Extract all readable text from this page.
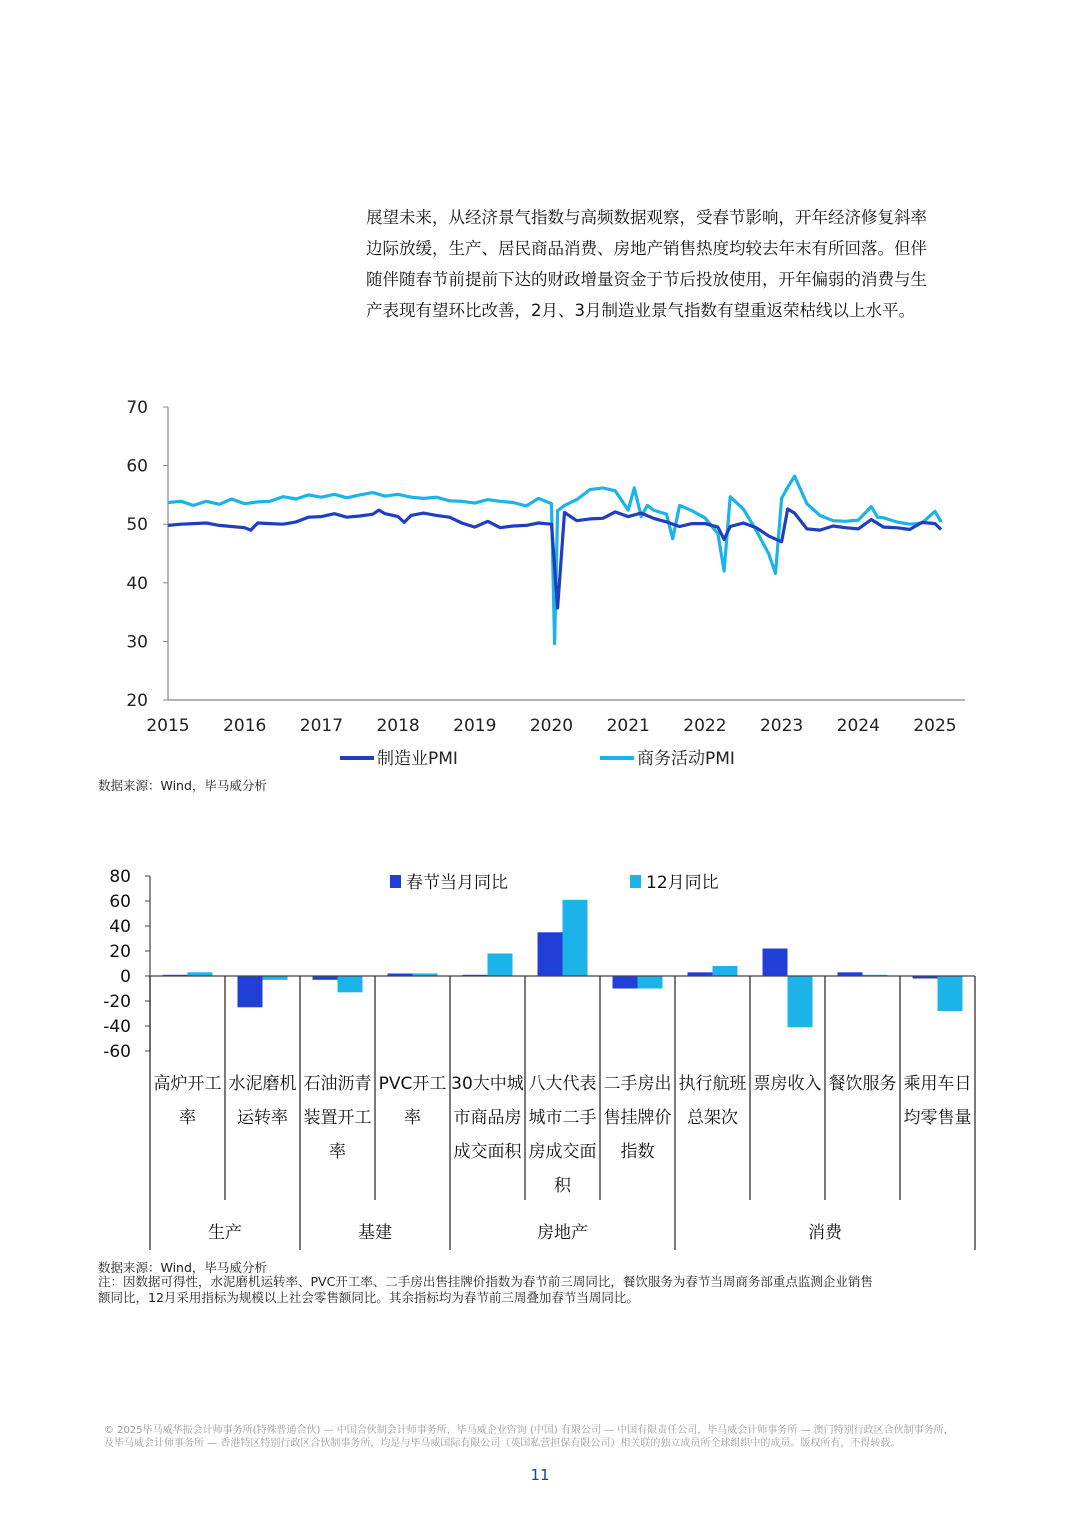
展望未来，从经济景气指数与高频数据观察，受春节影响，开年经济修复斜率
边际放缓，生产、居民商品消费、房地产销售热度均较去年末有所回落。但伴
随伴随春节前提前下达的财政增量资金于节后投放使用，开年偏弱的消费与生
产表现有望环比改善，2月、3月制造业景气指数有望重返荣枯线以上水平。
70
60
50
40
30
20
2015 2016 2017 2018 2019 2020 2021 2022 2023 2024 2025
制造业PMI	商务活动PMI
数据来源：Wind，毕马威分析
80
60
40
20
0
-20
-40
-60
高炉开工
率
水泥磨机
运转率
石油沥青
装置开工
率
PVC开工
率
30大中城
市商品房
成交面积
八大代表
城市二手
房成交面
积
二手房出
售挂牌价
指数
执行航班
总架次
票房收入 餐饮服务 乘用车日
均零售量
生产	基建	房地产	消费
春节当月同比	12月同比
数据来源：Wind，毕马威分析
注：因数据可得性，水泥磨机运转率、PVC开工率、二手房出售挂牌价指数为春节前三周同比，餐饮服务为春节当周商务部重点监测企业销售
额同比，12月采用指标为规模以上社会零售额同比。其余指标均为春节前三周叠加春节当周同比。
© 2025毕马威华振会计师事务所(特殊普通合伙) — 中国合伙制会计师事务所，毕马威企业咨询 (中国) 有限公司 — 中国有限责任公司，毕马威会计师事务所 — 澳门特别行政区合伙制事务所，
及毕马威会计师事务所 — 香港特区特别行政区合伙制事务所，均是与毕马威国际有限公司（英国私营担保有限公司）相关联的独立成员所全球组织中的成员。版权所有，不得转载。
11
